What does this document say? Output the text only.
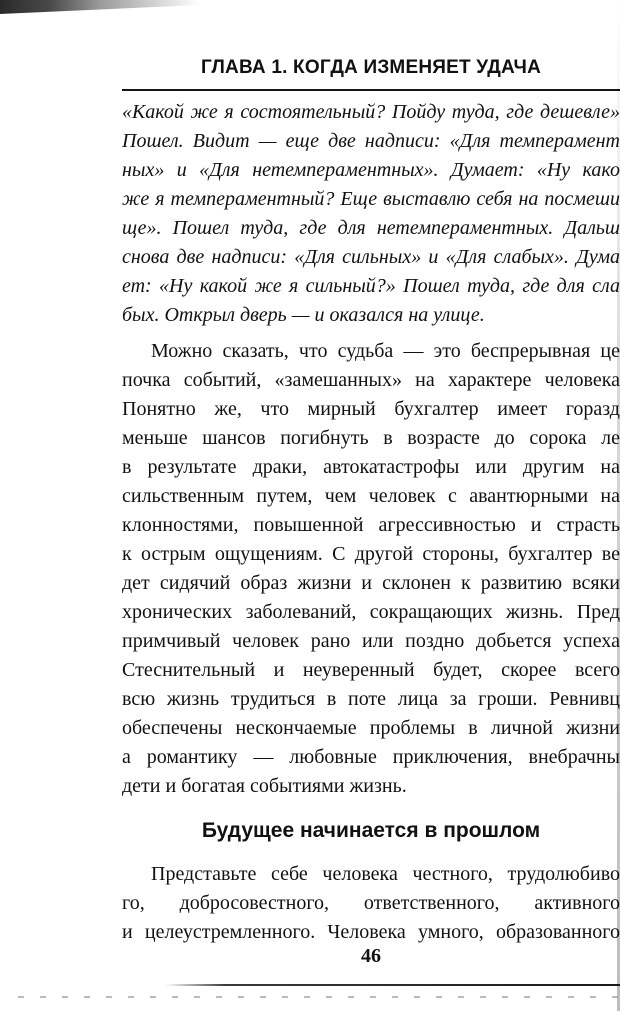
ГЛАВА 1. КОГДА ИЗМЕНЯЕТ УДАЧА
«Какой же я состоятельный? Пойду туда, где дешевле»
Пошел. Видит — еще две надписи: «Для темперамент
ных» и «Для нетемпераментных». Думает: «Ну како
же я темпераментный? Еще выставлю себя на посмеши
ще». Пошел туда, где для нетемпераментных. Дальш
снова две надписи: «Для сильных» и «Для слабых». Дума
ет: «Ну какой же я сильный?» Пошел туда, где для сла
бых. Открыл дверь — и оказался на улице.
Можно сказать, что судьба — это беспрерывная це
почка событий, «замешанных» на характере человека
Понятно же, что мирный бухгалтер имеет горазд
меньше шансов погибнуть в возрасте до сорока ле
в результате драки, автокатастрофы или другим на
сильственным путем, чем человек с авантюрными на
клонностями, повышенной агрессивностью и страсть
к острым ощущениям. С другой стороны, бухгалтер ве
дет сидячий образ жизни и склонен к развитию всяки
хронических заболеваний, сокращающих жизнь. Пред
примчивый человек рано или поздно добьется успеха
Стеснительный и неуверенный будет, скорее всего
всю жизнь трудиться в поте лица за гроши. Ревнивц
обеспечены нескончаемые проблемы в личной жизни
а романтику — любовные приключения, внебрачны
дети и богатая событиями жизнь.
Будущее начинается в прошлом
Представьте себе человека честного, трудолюбиво
го, добросовестного, ответственного, активного
и целеустремленного. Человека умного, образованного
46
